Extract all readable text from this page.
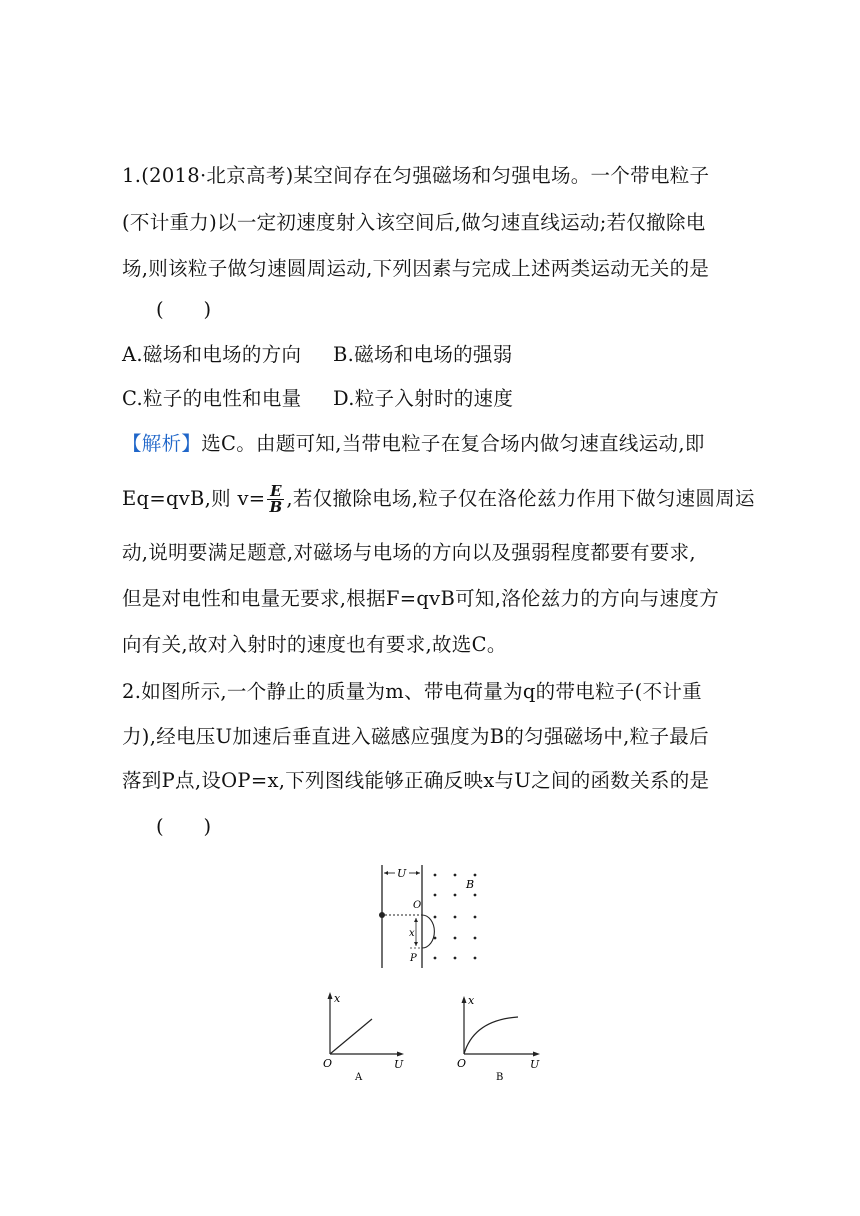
1.(2018·北京高考)某空间存在匀强磁场和匀强电场。一个带电粒子
(不计重力)以一定初速度射入该空间后,做匀速直线运动;若仅撤除电
场,则该粒子做匀速圆周运动,下列因素与完成上述两类运动无关的是
(　　)
A.磁场和电场的方向 B.磁场和电场的强弱
C.粒子的电性和电量 D.粒子入射时的速度
【解析】选C。由题可知,当带电粒子在复合场内做匀速直线运动,即
Eq=qvB,则 $v= \frac{E}{B}$ ,若仅撤除电场,粒子仅在洛伦兹力作用下做匀速圆周运
动,说明要满足题意,对磁场与电场的方向以及强弱程度都要有要求,
但是对电性和电量无要求,根据F=qvB可知,洛伦兹力的方向与速度方
向有关,故对入射时的速度也有要求,故选C。
2.如图所示,一个静止的质量为m、带电荷量为q的带电粒子(不计重
力),经电压U加速后垂直进入磁感应强度为B的匀强磁场中,粒子最后
落到P点,设OP=x,下列图线能够正确反映x与U之间的函数关系的是
(　　)
U
B
O
x
P
x
U
O
A
x
U
O
B
